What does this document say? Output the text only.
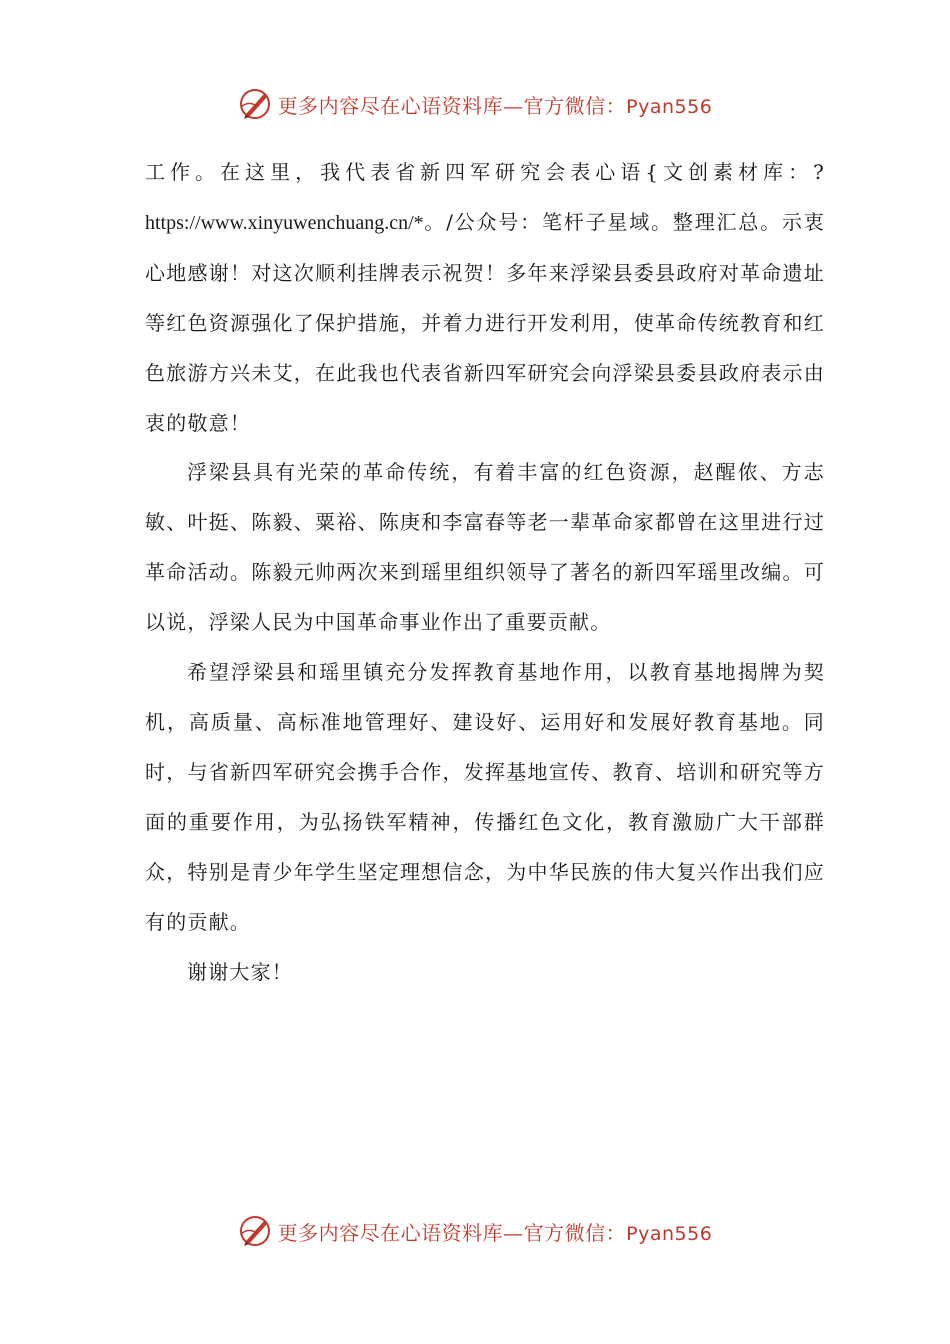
更多内容尽在心语资料库—官方微信：Pyan556

工作。在这里，我代表省新四军研究会表心语{文创素材库：?https://www.xinyuwenchuang.cn/*。/公众号：笔杆子星域。整理汇总。示衷心地感谢！对这次顺利挂牌表示祝贺！多年来浮梁县委县政府对革命遗址等红色资源强化了保护措施，并着力进行开发利用，使革命传统教育和红色旅游方兴未艾，在此我也代表省新四军研究会向浮梁县委县政府表示由衷的敬意！

浮梁县具有光荣的革命传统，有着丰富的红色资源，赵醒侬、方志敏、叶挺、陈毅、粟裕、陈庚和李富春等老一辈革命家都曾在这里进行过革命活动。陈毅元帅两次来到瑶里组织领导了著名的新四军瑶里改编。可以说，浮梁人民为中国革命事业作出了重要贡献。

希望浮梁县和瑶里镇充分发挥教育基地作用，以教育基地揭牌为契机，高质量、高标准地管理好、建设好、运用好和发展好教育基地。同时，与省新四军研究会携手合作，发挥基地宣传、教育、培训和研究等方面的重要作用，为弘扬铁军精神，传播红色文化，教育激励广大干部群众，特别是青少年学生坚定理想信念，为中华民族的伟大复兴作出我们应有的贡献。

谢谢大家！

更多内容尽在心语资料库—官方微信：Pyan556
